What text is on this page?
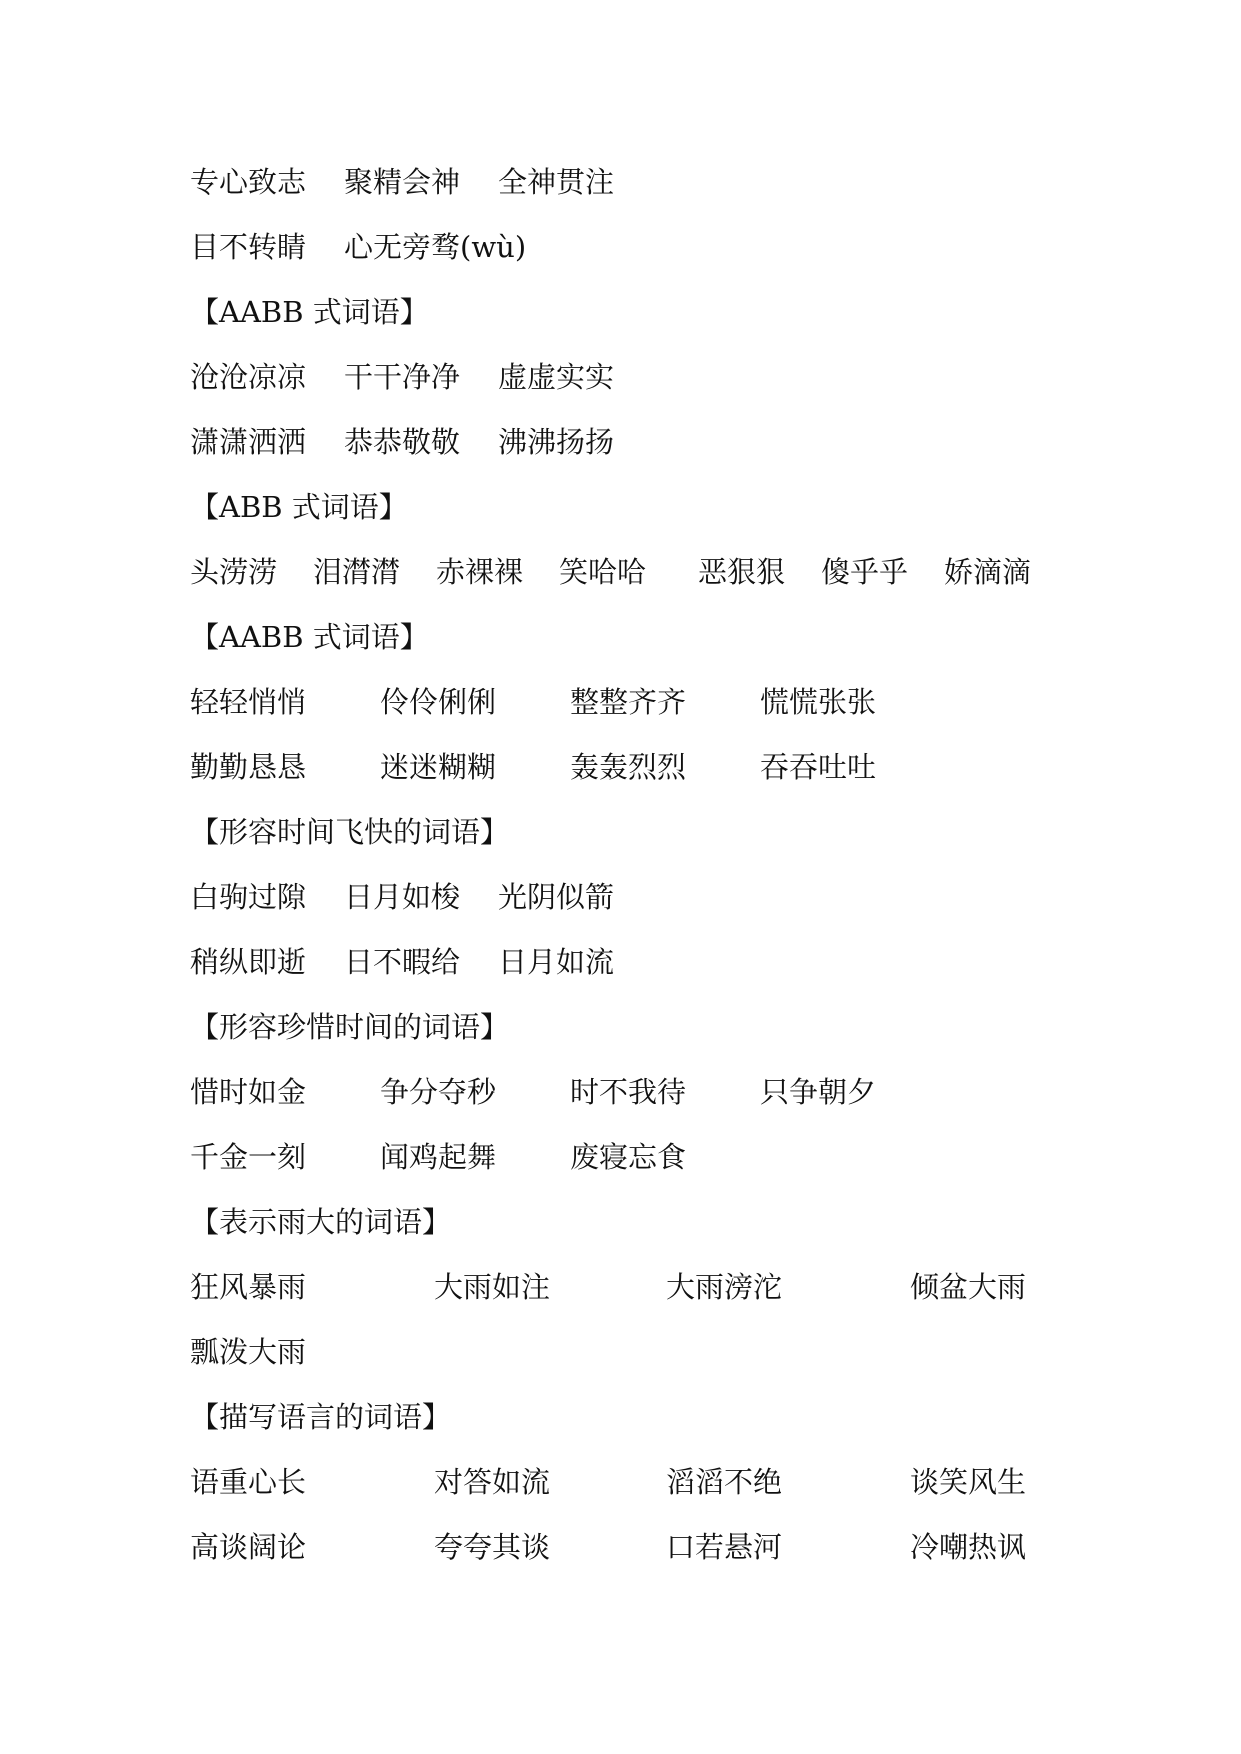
专心致志 聚精会神 全神贯注
目不转睛 心无旁骛(wù)
【AABB 式词语】
沧沧凉凉 干干净净 虚虚实实
潇潇洒洒 恭恭敬敬 沸沸扬扬
【ABB 式词语】
头涝涝 泪潸潸 赤裸裸 笑哈哈 恶狠狠 傻乎乎 娇滴滴
【AABB 式词语】
轻轻悄悄	伶伶俐俐	整整齐齐	慌慌张张
勤勤恳恳	迷迷糊糊	轰轰烈烈	吞吞吐吐
【形容时间飞快的词语】
白驹过隙 日月如梭 光阴似箭
稍纵即逝 日不暇给 日月如流
【形容珍惜时间的词语】
惜时如金	争分夺秒	时不我待	只争朝夕
千金一刻	闻鸡起舞	废寝忘食
【表示雨大的词语】
狂风暴雨	大雨如注	大雨滂沱	倾盆大雨
瓢泼大雨
【描写语言的词语】
语重心长	对答如流	滔滔不绝	谈笑风生
高谈阔论	夸夸其谈	口若悬河	冷嘲热讽
